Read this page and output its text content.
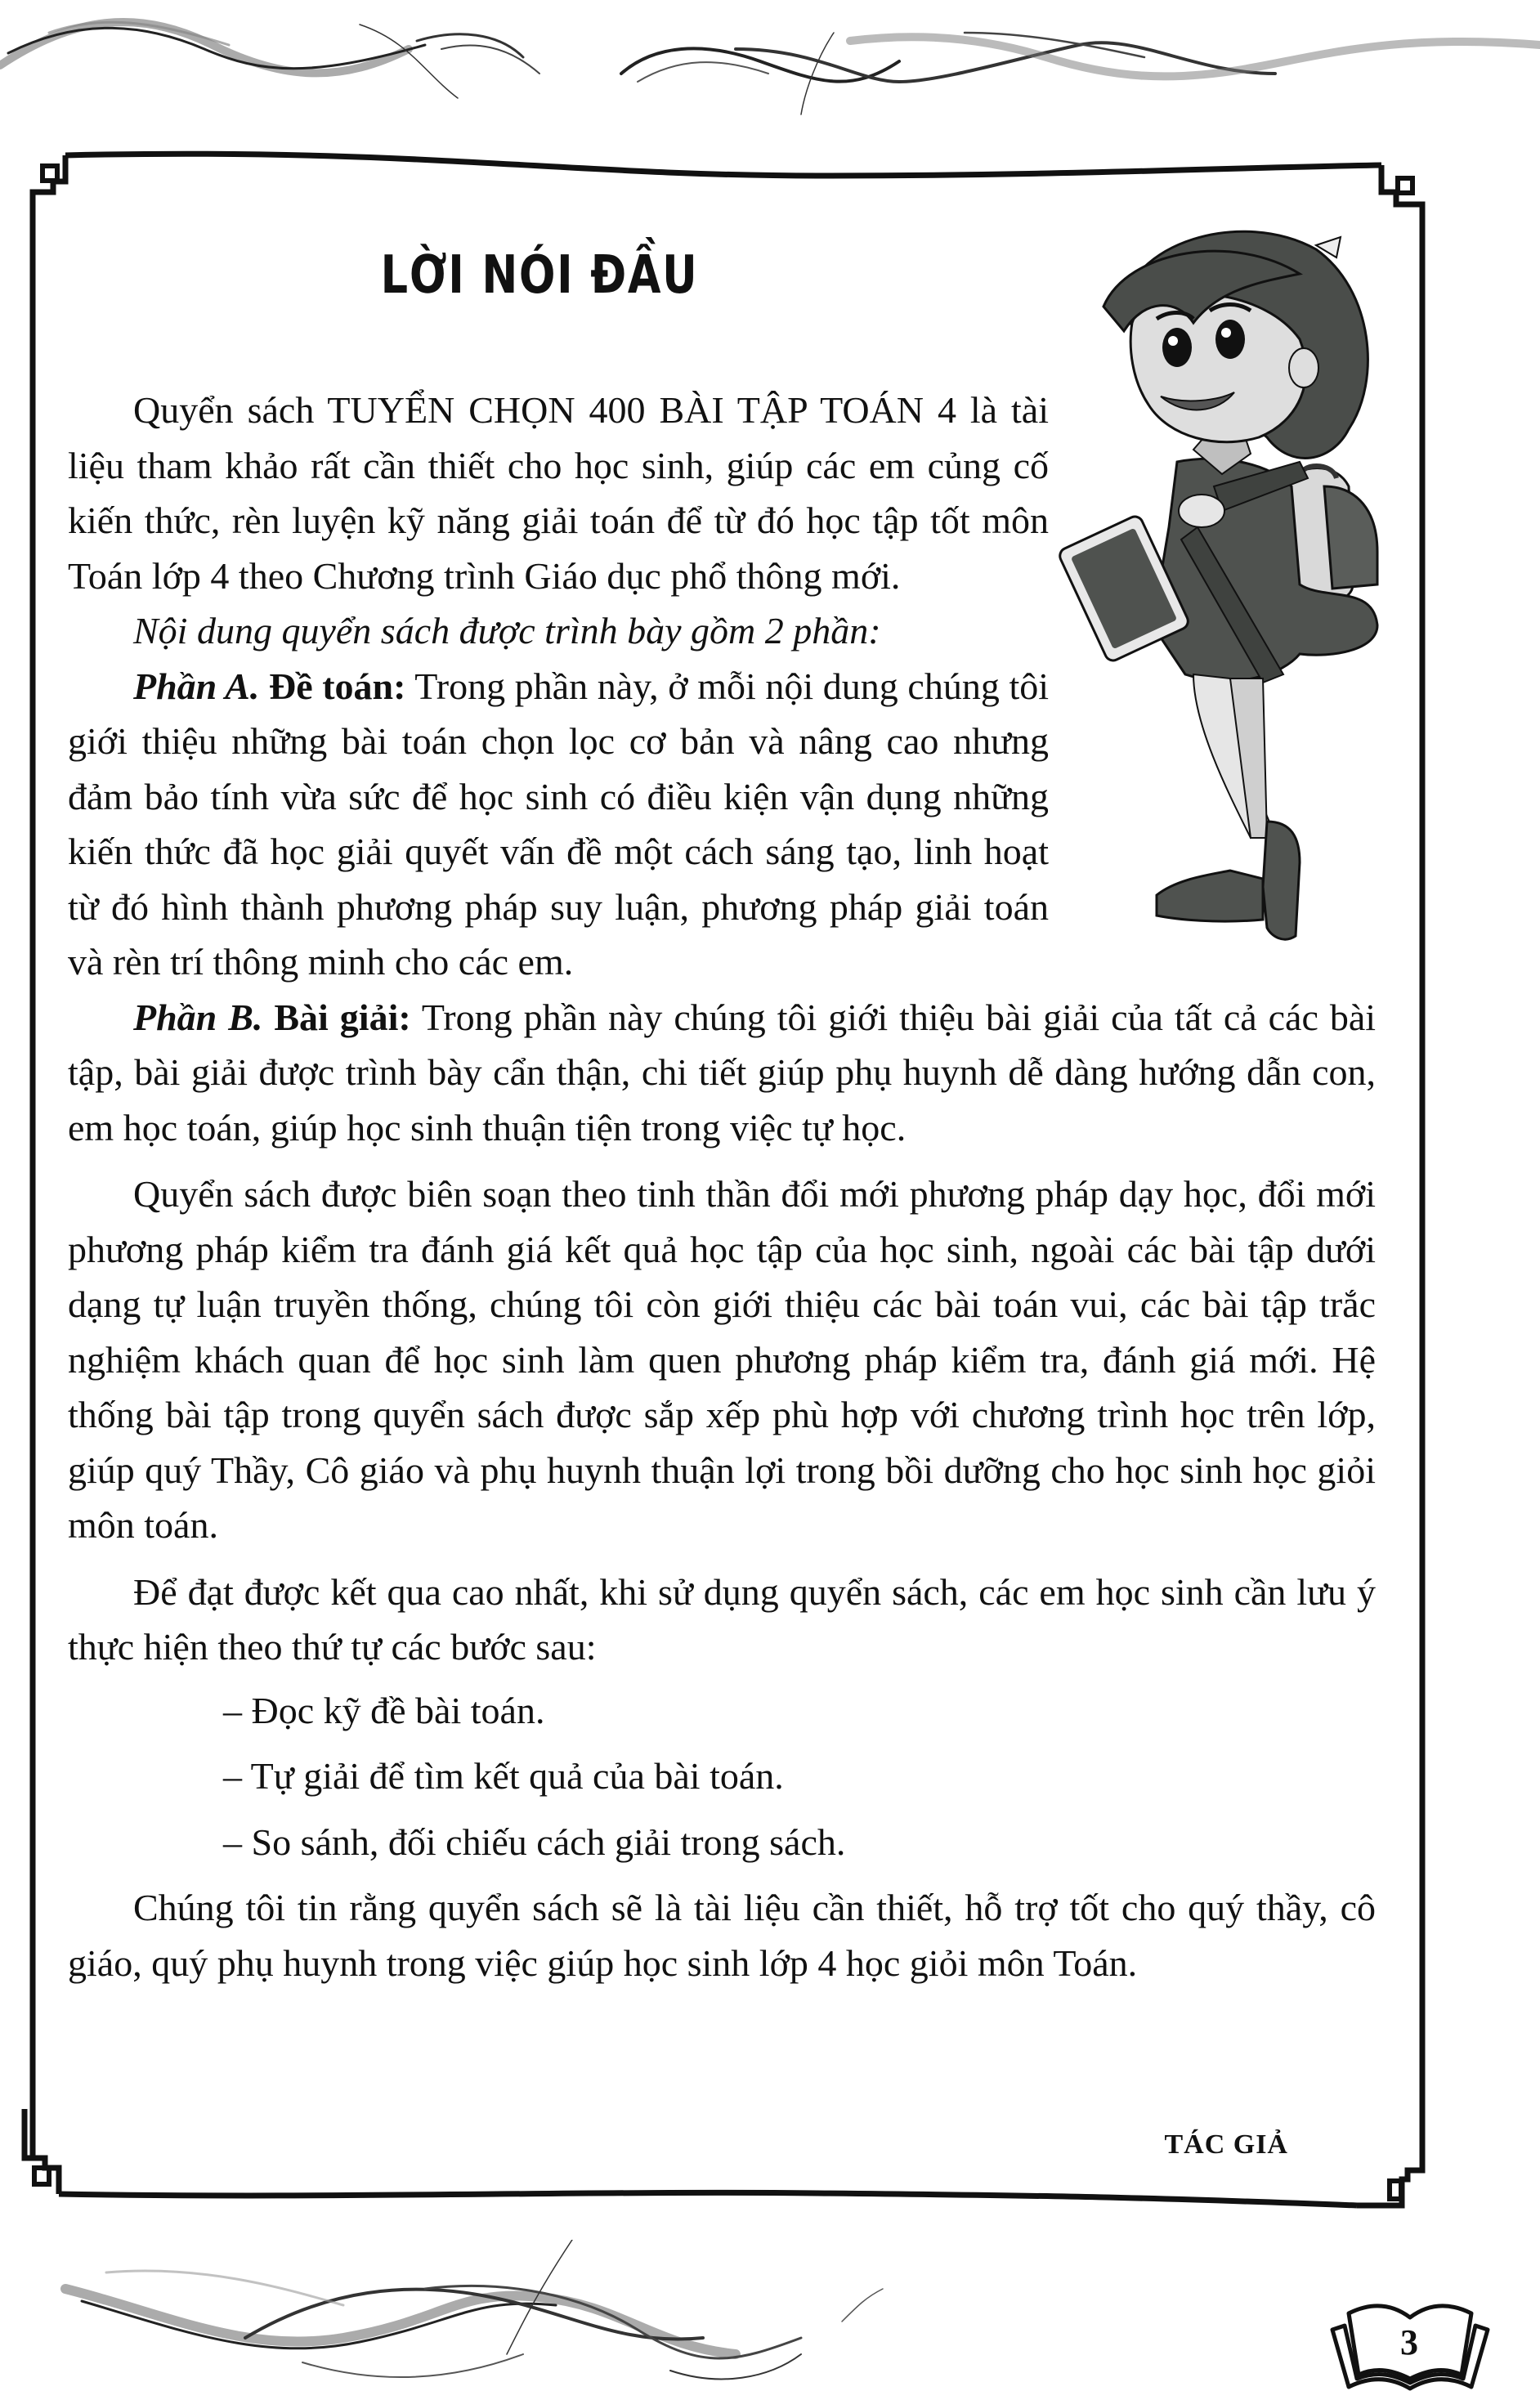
LỜI NÓI ĐẦU

Quyển sách TUYỂN CHỌN 400 BÀI TẬP TOÁN 4 là tài liệu tham khảo rất cần thiết cho học sinh, giúp các em củng cố kiến thức, rèn luyện kỹ năng giải toán để từ đó học tập tốt môn Toán lớp 4 theo Chương trình Giáo dục phổ thông mới.

Nội dung quyển sách được trình bày gồm 2 phần:

Phần A. Đề toán: Trong phần này, ở mỗi nội dung chúng tôi giới thiệu những bài toán chọn lọc cơ bản và nâng cao nhưng đảm bảo tính vừa sức để học sinh có điều kiện vận dụng những kiến thức đã học giải quyết vấn đề một cách sáng tạo, linh hoạt từ đó hình thành phương pháp suy luận, phương pháp giải toán và rèn trí thông minh cho các em.

Phần B. Bài giải: Trong phần này chúng tôi giới thiệu bài giải của tất cả các bài tập, bài giải được trình bày cẩn thận, chi tiết giúp phụ huynh dễ dàng hướng dẫn con, em học toán, giúp học sinh thuận tiện trong việc tự học.

Quyển sách được biên soạn theo tinh thần đổi mới phương pháp dạy học, đổi mới phương pháp kiểm tra đánh giá kết quả học tập của học sinh, ngoài các bài tập dưới dạng tự luận truyền thống, chúng tôi còn giới thiệu các bài toán vui, các bài tập trắc nghiệm khách quan để học sinh làm quen phương pháp kiểm tra, đánh giá mới. Hệ thống bài tập trong quyển sách được sắp xếp phù hợp với chương trình học trên lớp, giúp quý Thầy, Cô giáo và phụ huynh thuận lợi trong bồi dưỡng cho học sinh học giỏi môn toán.

Để đạt được kết qua cao nhất, khi sử dụng quyển sách, các em học sinh cần lưu ý thực hiện theo thứ tự các bước sau:

– Đọc kỹ đề bài toán.
– Tự giải để tìm kết quả của bài toán.
– So sánh, đối chiếu cách giải trong sách.

Chúng tôi tin rằng quyển sách sẽ là tài liệu cần thiết, hỗ trợ tốt cho quý thầy, cô giáo, quý phụ huynh trong việc giúp học sinh lớp 4 học giỏi môn Toán.

TÁC GIẢ
3
